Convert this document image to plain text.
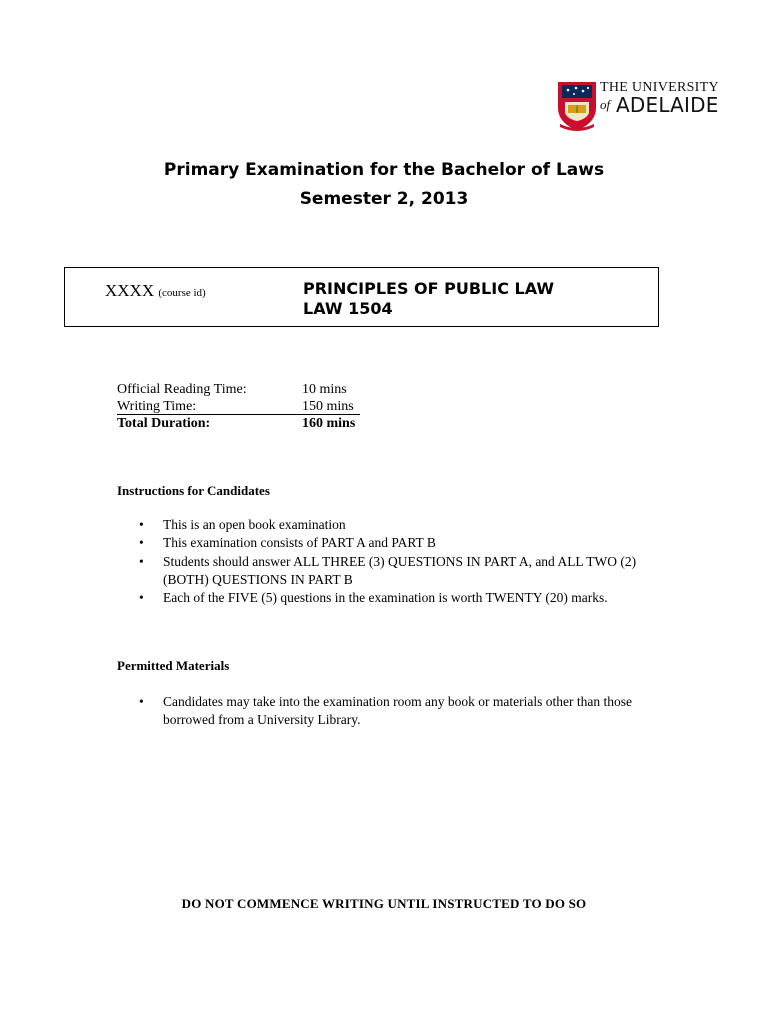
THE UNIVERSITY
of ADELAIDE
Primary Examination for the Bachelor of Laws
Semester 2, 2013
XXXX (course id)	PRINCIPLES OF PUBLIC LAW
LAW 1504
Official Reading Time:	10 mins
Writing Time:	150 mins
Total Duration:	160 mins
Instructions for Candidates
• This is an open book examination
• This examination consists of PART A and PART B
• Students should answer ALL THREE (3) QUESTIONS IN PART A, and ALL TWO (2) (BOTH) QUESTIONS IN PART B
• Each of the FIVE (5) questions in the examination is worth TWENTY (20) marks.
Permitted Materials
• Candidates may take into the examination room any book or materials other than those borrowed from a University Library.
DO NOT COMMENCE WRITING UNTIL INSTRUCTED TO DO SO
